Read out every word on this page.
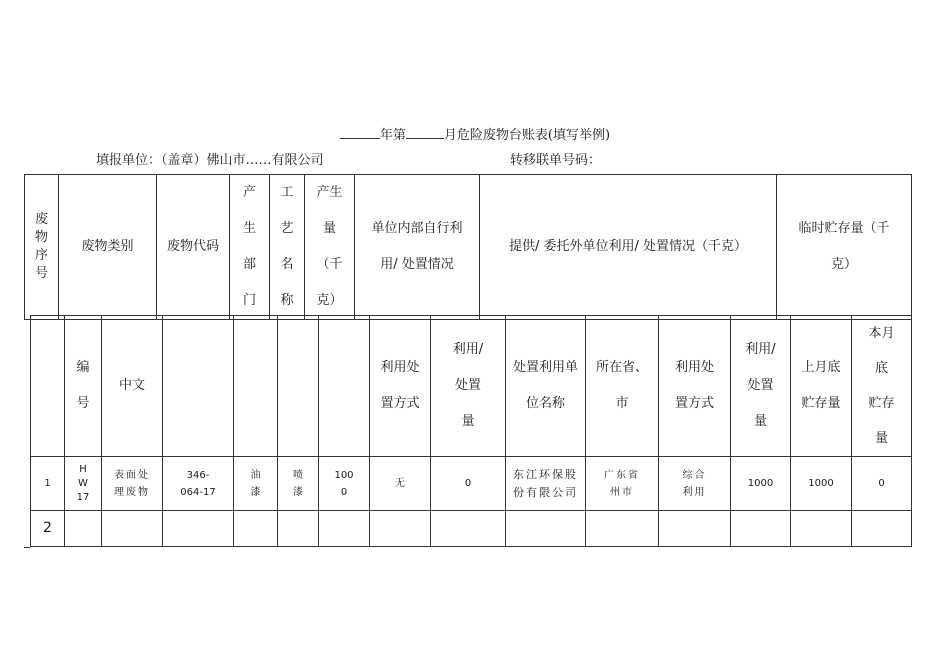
年第	月危险废物台账表(填写举例)
填报单位：（盖章）佛山市……有限公司	转移联单号码：
废
物
序
号	废物类别	废物代码	产
生
部
门	工
艺
名
称	产生
量
（千
克）	单位内部自行利
用/ 处置情况	提供/ 委托外单位利用/ 处置情况（千克）	临时贮存量（千
克）
	编
号	中文					利用处
置方式	利用/
处置
量	处置利用单
位名称	所在省、
市	利用处
置方式	利用/
处置
量	上月底
贮存量	本月
底
贮存
量
1	H
W
17	表面处
理废物	346-
064-17	油
漆	喷
漆	100
0	无	0	东江环保股
份有限公司	广东省
州市	综合
利用	1000	1000	0
2														
